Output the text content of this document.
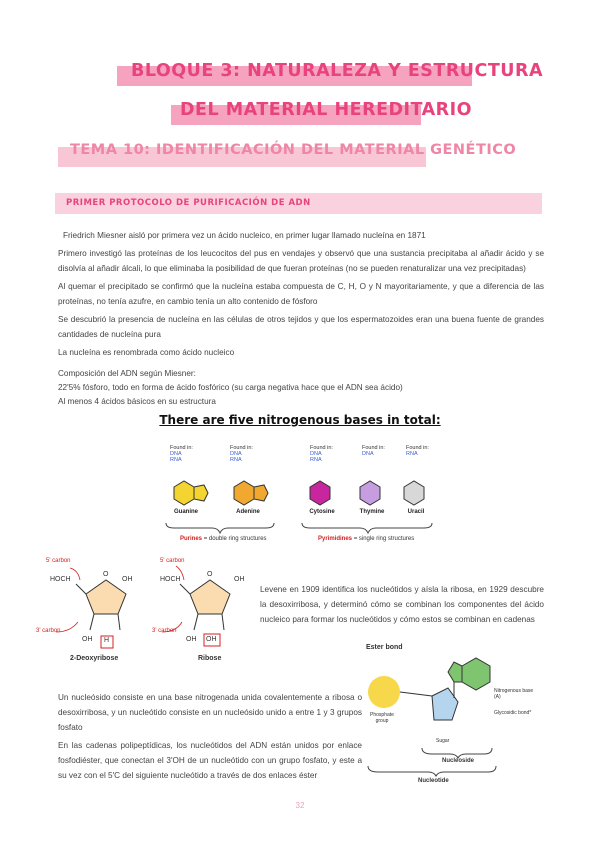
BLOQUE 3: NATURALEZA Y ESTRUCTURA
DEL MATERIAL HEREDITARIO
TEMA 10: IDENTIFICACIÓN DEL MATERIAL GENÉTICO
PRIMER PROTOCOLO DE PURIFICACIÓN DE ADN
Friedrich Miesner aisló por primera vez un ácido nucleico, en primer lugar llamado nucleína en 1871
Primero investigó las proteínas de los leucocitos del pus en vendajes y observó que una sustancia precipitaba al añadir ácido y se disolvía al añadir álcali, lo que eliminaba la posibilidad de que fueran proteínas (no se pueden renaturalizar una vez precipitadas)
Al quemar el precipitado se confirmó que la nucleína estaba compuesta de C, H, O y N mayoritariamente, y que a diferencia de las proteínas, no tenía azufre, en cambio tenía un alto contenido de fósforo
Se descubrió la presencia de nucleína en las células de otros tejidos y que los espermatozoides eran una buena fuente de grandes cantidades de nucleína pura
La nucleína es renombrada como ácido nucleico
Composición del ADN según Miesner:
22'5% fósforo, todo en forma de ácido fosfórico (su carga negativa hace que el ADN sea ácido)
Al menos 4 ácidos básicos en su estructura
There are five nitrogenous bases in total:
Found in:
DNA
RNA
Found in:
DNA
RNA
Found in:
DNA
RNA
Found in:
DNA
Found in:
RNA
Guanine	Adenine	Cytosine	Thymine	Uracil
Purines = double ring structures	Pyrimidines = single ring structures
5' carbon
HOCH	OH
O
3' carbon
OH H
2-Deoxyribose
5' carbon
HOCH	OH
O
3' carbon
OH OH
Ribose
Levene en 1909 identifica los nucleótidos y aísla la ribosa, en 1929 descubre la desoxirribosa, y determinó cómo se combinan los componentes del ácido nucleico para formar los nucleótidos y cómo estos se combinan en cadenas
Ester bond
Phosphate group
Sugar
Nitrogenous base (A)
Glycosidic bond*
Nucleoside
Nucleotide
Un nucleósido consiste en una base nitrogenada unida covalentemente a ribosa o desoxirribosa, y un nucleótido consiste en un nucleósido unido a entre 1 y 3 grupos fosfato
En las cadenas polipeptídicas, los nucleótidos del ADN están unidos por enlace fosfodiéster, que conectan el 3'OH de un nucleótido con un grupo fosfato, y este a su vez con el 5'C del siguiente nucleótido a través de dos enlaces éster
32
